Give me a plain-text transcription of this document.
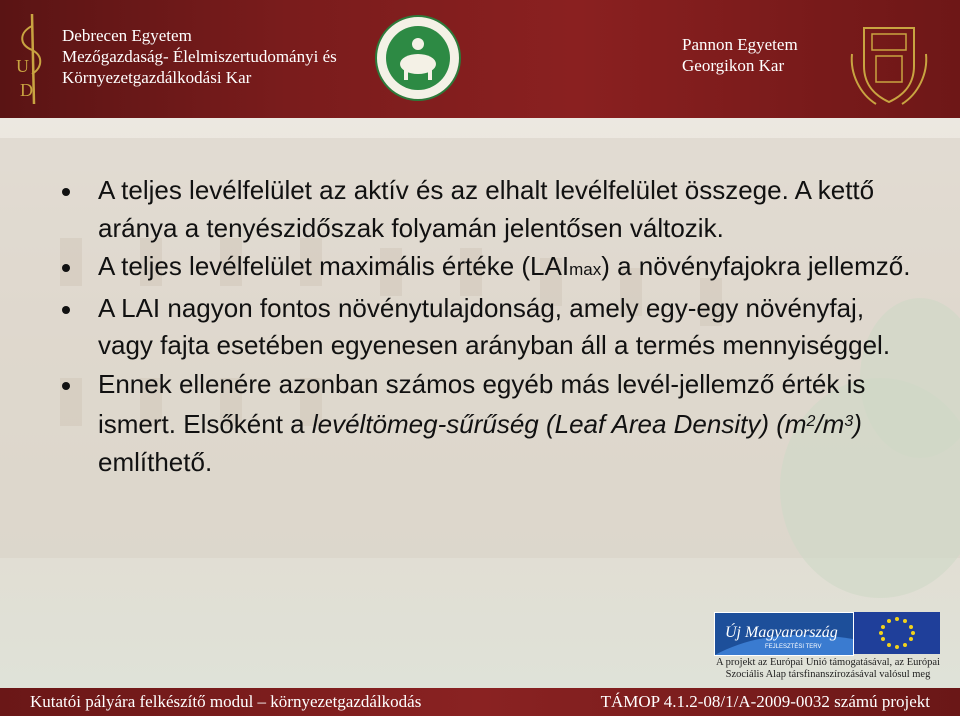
U
D
Debrecen Egyetem
Mezőgazdaság- Élelmiszertudományi és
Környezetgazdálkodási Kar
Pannon Egyetem
Georgikon Kar
A teljes levélfelület az aktív és az elhalt levélfelület összege. A kettő aránya a tenyészidőszak folyamán jelentősen változik.
A teljes levélfelület maximális értéke (LAImax) a növényfajokra jellemző.
A LAI nagyon fontos növénytulajdonság, amely egy-egy növényfaj, vagy fajta esetében egyenesen arányban áll a termés mennyiséggel.
Ennek ellenére azonban számos egyéb más levél-jellemző érték is ismert. Elsőként a levéltömeg-sűrűség (Leaf Area Density) $(m^2/m^3)$ említhető.
Új Magyarország
FEJLESZTÉSI TERV
A projekt az Európai Unió támogatásával, az Európai Szociális Alap társfinanszírozásával valósul meg
Kutatói pályára felkészítő modul – környezetgazdálkodás	TÁMOP 4.1.2-08/1/A-2009-0032 számú projekt
